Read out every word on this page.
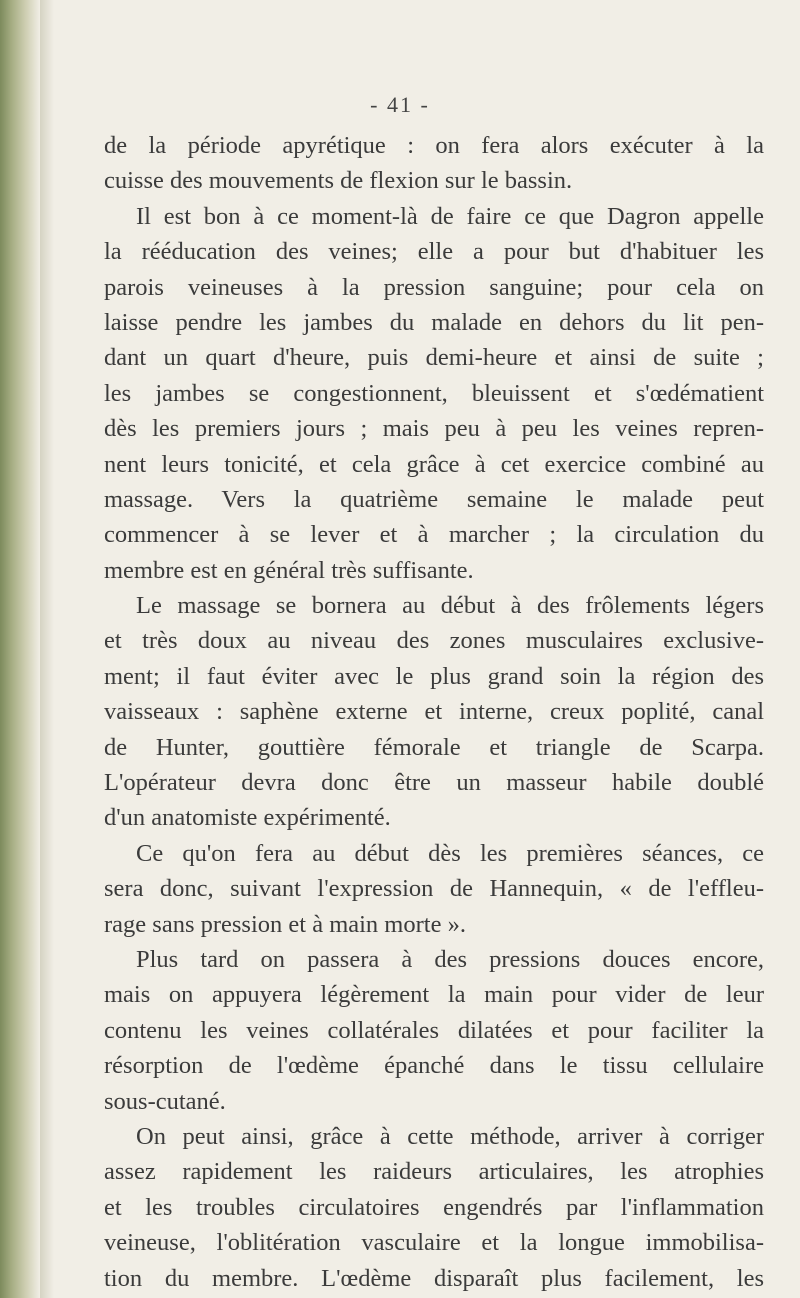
- 41 -
de la période apyrétique : on fera alors exécuter à la
cuisse des mouvements de flexion sur le bassin.
Il est bon à ce moment-là de faire ce que Dagron appelle
la rééducation des veines; elle a pour but d'habituer les
parois veineuses à la pression sanguine; pour cela on
laisse pendre les jambes du malade en dehors du lit pen-
dant un quart d'heure, puis demi-heure et ainsi de suite ;
les jambes se congestionnent, bleuissent et s'œdématient
dès les premiers jours ; mais peu à peu les veines repren-
nent leurs tonicité, et cela grâce à cet exercice combiné au
massage. Vers la quatrième semaine le malade peut
commencer à se lever et à marcher ; la circulation du
membre est en général très suffisante.
Le massage se bornera au début à des frôlements légers
et très doux au niveau des zones musculaires exclusive-
ment; il faut éviter avec le plus grand soin la région des
vaisseaux : saphène externe et interne, creux poplité, canal
de Hunter, gouttière fémorale et triangle de Scarpa.
L'opérateur devra donc être un masseur habile doublé
d'un anatomiste expérimenté.
Ce qu'on fera au début dès les premières séances, ce
sera donc, suivant l'expression de Hannequin, « de l'effleu-
rage sans pression et à main morte ».
Plus tard on passera à des pressions douces encore,
mais on appuyera légèrement la main pour vider de leur
contenu les veines collatérales dilatées et pour faciliter la
résorption de l'œdème épanché dans le tissu cellulaire
sous-cutané.
On peut ainsi, grâce à cette méthode, arriver à corriger
assez rapidement les raideurs articulaires, les atrophies
et les troubles circulatoires engendrés par l'inflammation
veineuse, l'oblitération vasculaire et la longue immobilisa-
tion du membre. L'œdème disparaît plus facilement, les
